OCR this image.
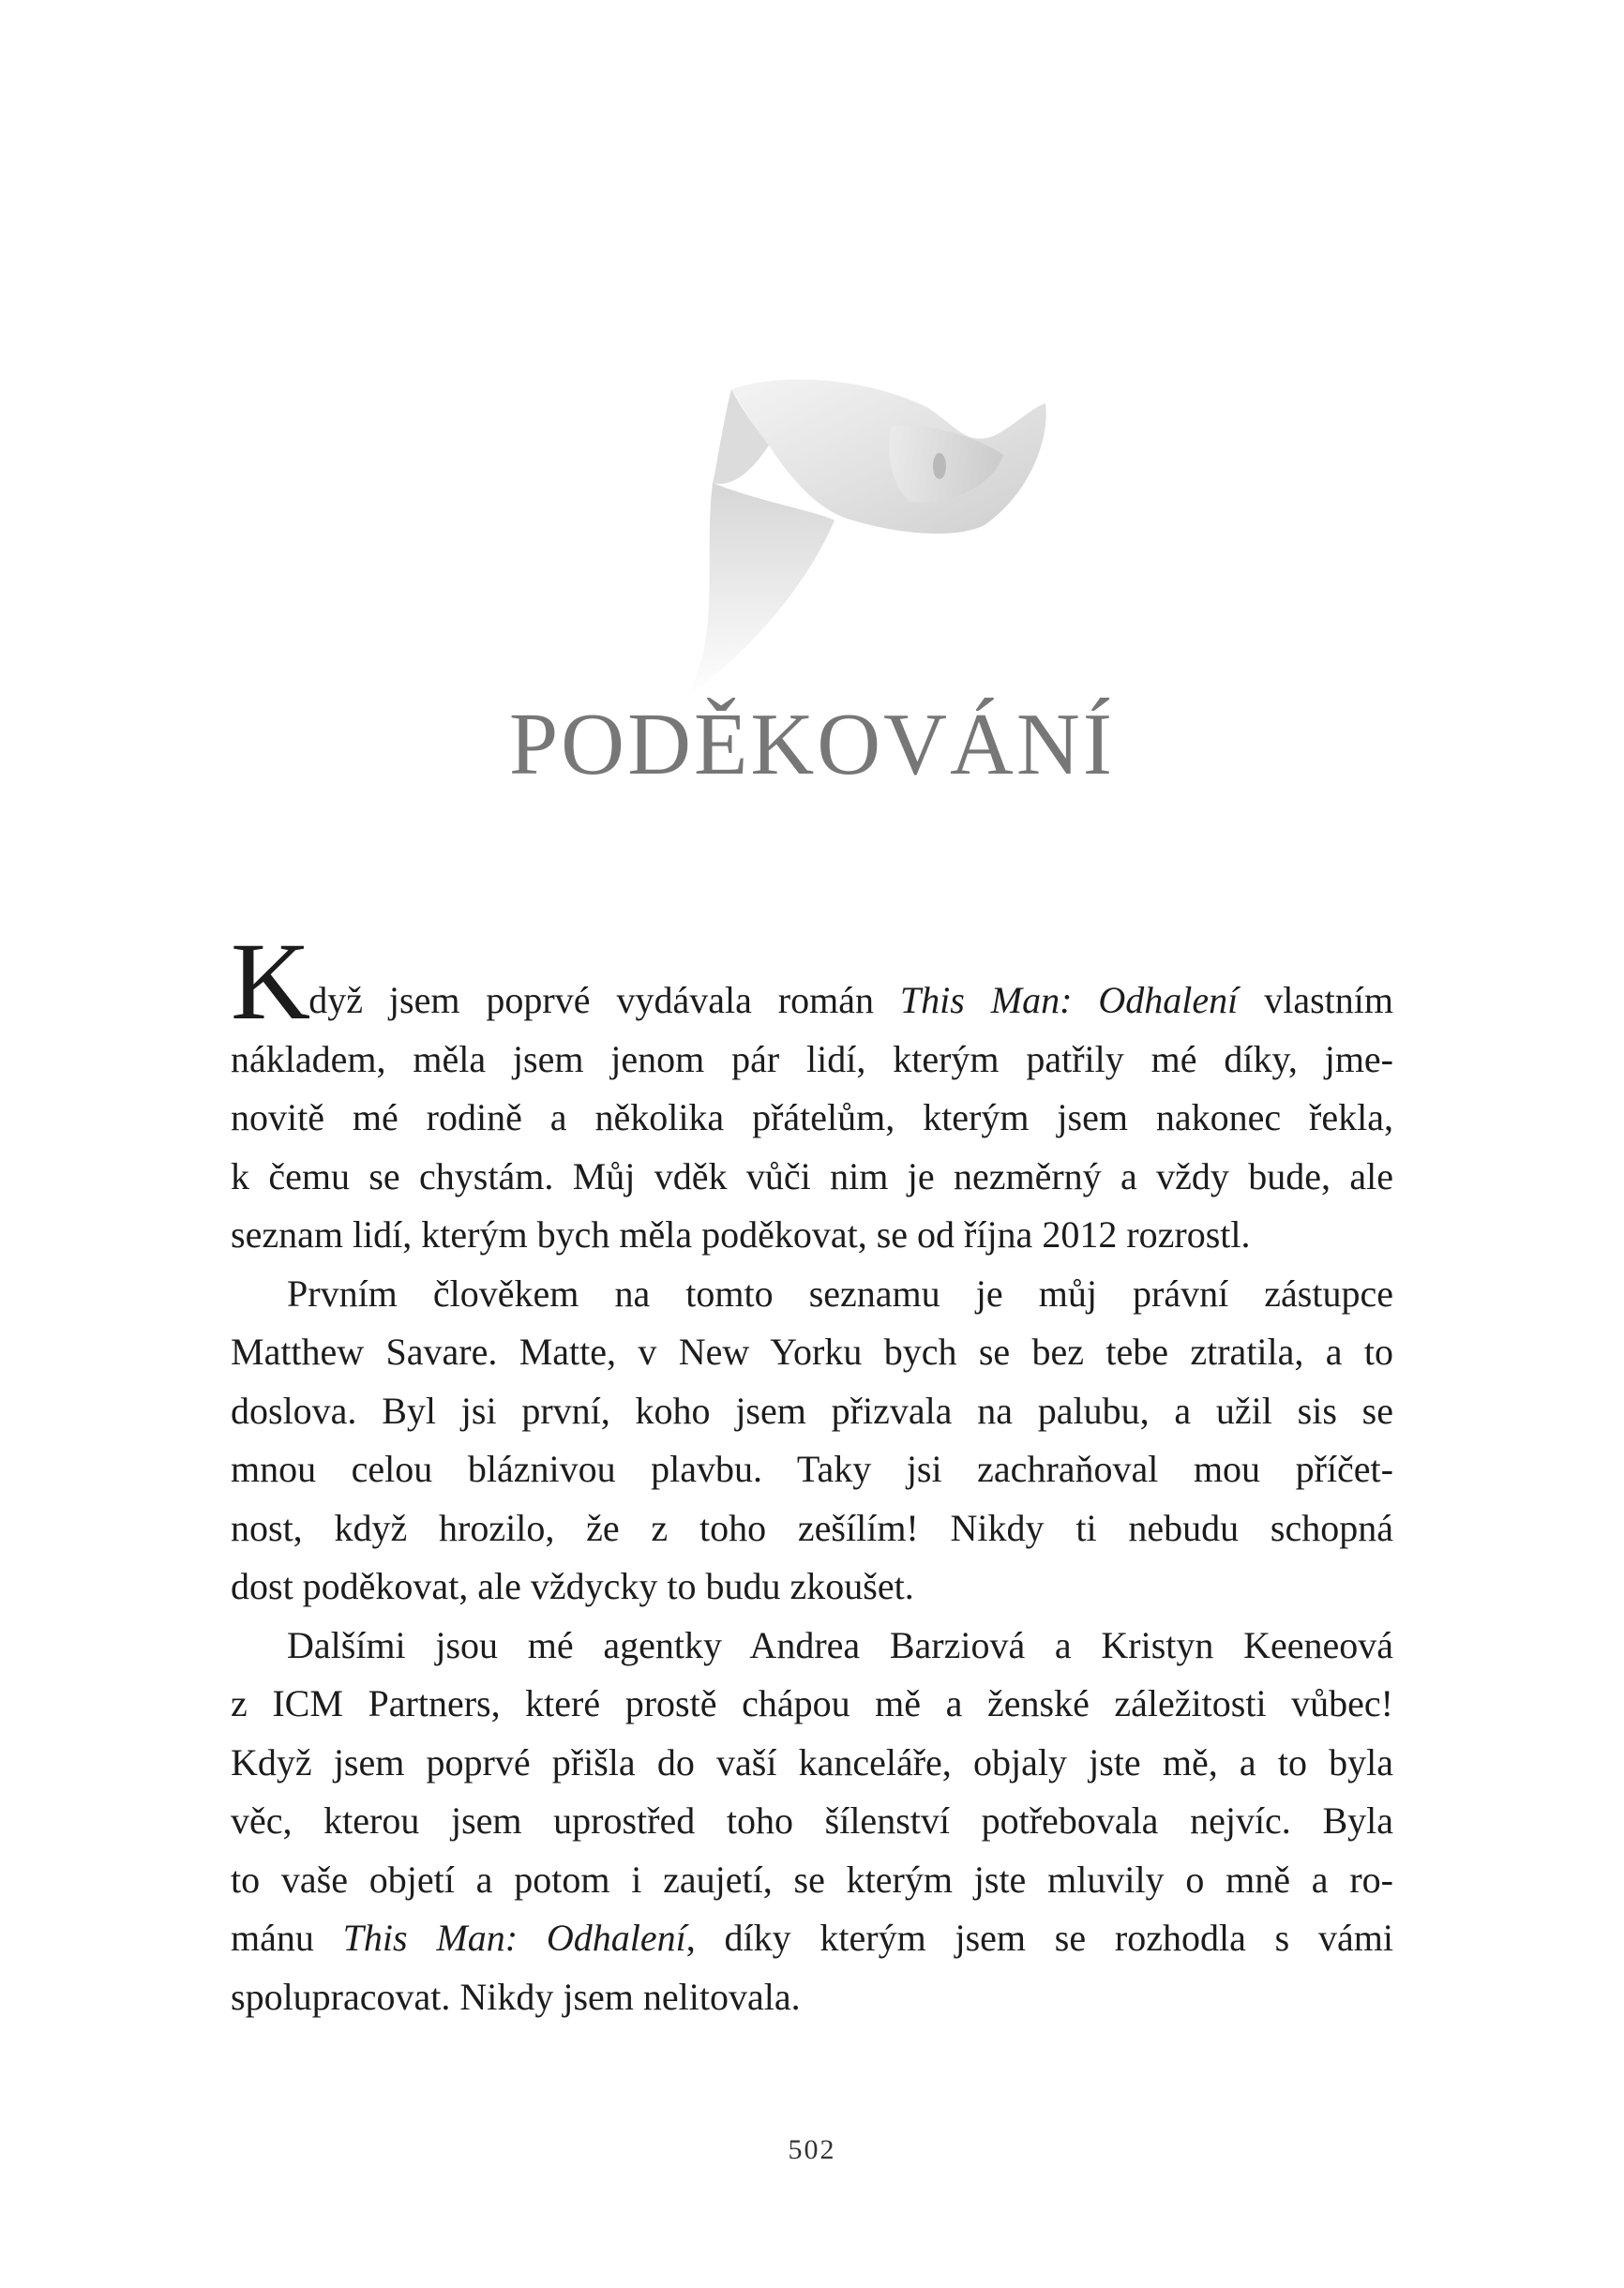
PODĚKOVÁNÍ

Když jsem poprvé vydávala román This Man: Odhalení vlastním
nákladem, měla jsem jenom pár lidí, kterým patřily mé díky, jme-
novitě mé rodině a několika přátelům, kterým jsem nakonec řekla,
k čemu se chystám. Můj vděk vůči nim je nezměrný a vždy bude, ale
seznam lidí, kterým bych měla poděkovat, se od října 2012 rozrostl.

Prvním člověkem na tomto seznamu je můj právní zástupce
Matthew Savare. Matte, v New Yorku bych se bez tebe ztratila, a to
doslova. Byl jsi první, koho jsem přizvala na palubu, a užil sis se
mnou celou bláznivou plavbu. Taky jsi zachraňoval mou příčet-
nost, když hrozilo, že z toho zešílím! Nikdy ti nebudu schopná
dost poděkovat, ale vždycky to budu zkoušet.

Dalšími jsou mé agentky Andrea Barziová a Kristyn Keeneová
z ICM Partners, které prostě chápou mě a ženské záležitosti vůbec!
Když jsem poprvé přišla do vaší kanceláře, objaly jste mě, a to byla
věc, kterou jsem uprostřed toho šílenství potřebovala nejvíc. Byla
to vaše objetí a potom i zaujetí, se kterým jste mluvily o mně a ro-
mánu This Man: Odhalení, díky kterým jsem se rozhodla s vámi
spolupracovat. Nikdy jsem nelitovala.

502
